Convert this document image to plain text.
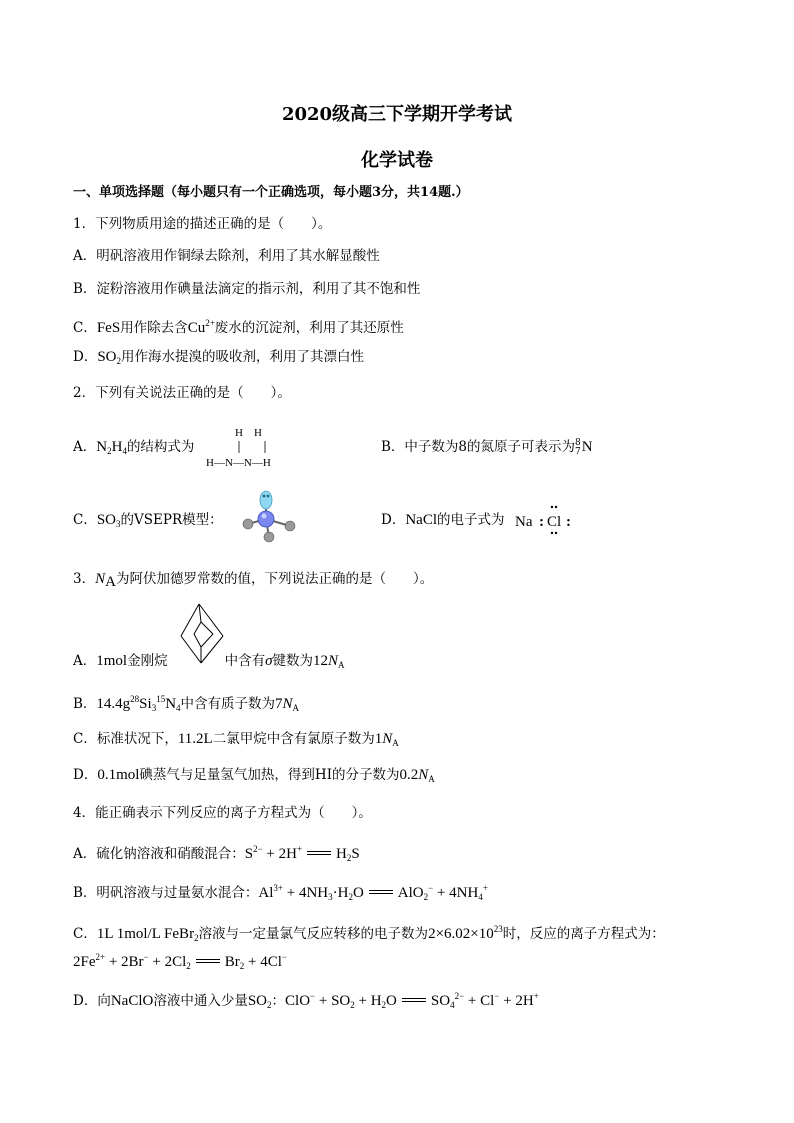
2020级高三下学期开学考试
化学试卷
一、单项选择题（每小题只有一个正确选项，每小题3分，共14题.）
1．下列物质用途的描述正确的是（　　）。
A．明矾溶液用作铜绿去除剂，利用了其水解显酸性
B．淀粉溶液用作碘量法滴定的指示剂，利用了其不饱和性
C．FeS用作除去含$Cu^{2+}$废水的沉淀剂，利用了其还原性
D．$SO_2$用作海水提溴的吸收剂，利用了其漂白性
2．下列有关说法正确的是（　　）。
A．$N_2H_4$的结构式为
H　H
H—N—N—H
B．中子数为8的氮原子可表示为8
7N
C．$SO_3$的VSEPR模型：	D．NaCl的电子式为 Na : Cl :
3．$N_A$为阿伏加德罗常数的值，下列说法正确的是（　　）。
A．1mol金刚烷	中含有σ键数为$12N_A$
B．$14.4g^{28}Si_3^{15}N_4$中含有质子数为$7N_A$
C．标准状况下，11.2L二氯甲烷中含有氯原子数为$1N_A$
D．0.1mol碘蒸气与足量氢气加热，得到HI的分子数为$0.2N_A$
4．能正确表示下列反应的离子方程式为（　　）。
A．硫化钠溶液和硝酸混合：$S^{2-} + 2H^+$ $H_2S$
B．明矾溶液与过量氨水混合：$Al^{3+} + 4NH_3\cdot H_2O$ $AlO_2^- + 4NH_4^+$
C．1L 1mol/L FeBr$_2$溶液与一定量氯气反应转移的电子数为$2\times 6.02\times 10^{23}$时，反应的离子方程式为：
$2Fe^{2+} + 2Br^- + 2Cl_2$ $Br_2 + 4Cl^-$
D．向NaClO溶液中通入少量$SO_2$：$ClO^- + SO_2 + H_2O$ $SO_4^{2-} + Cl^- + 2H^+$
